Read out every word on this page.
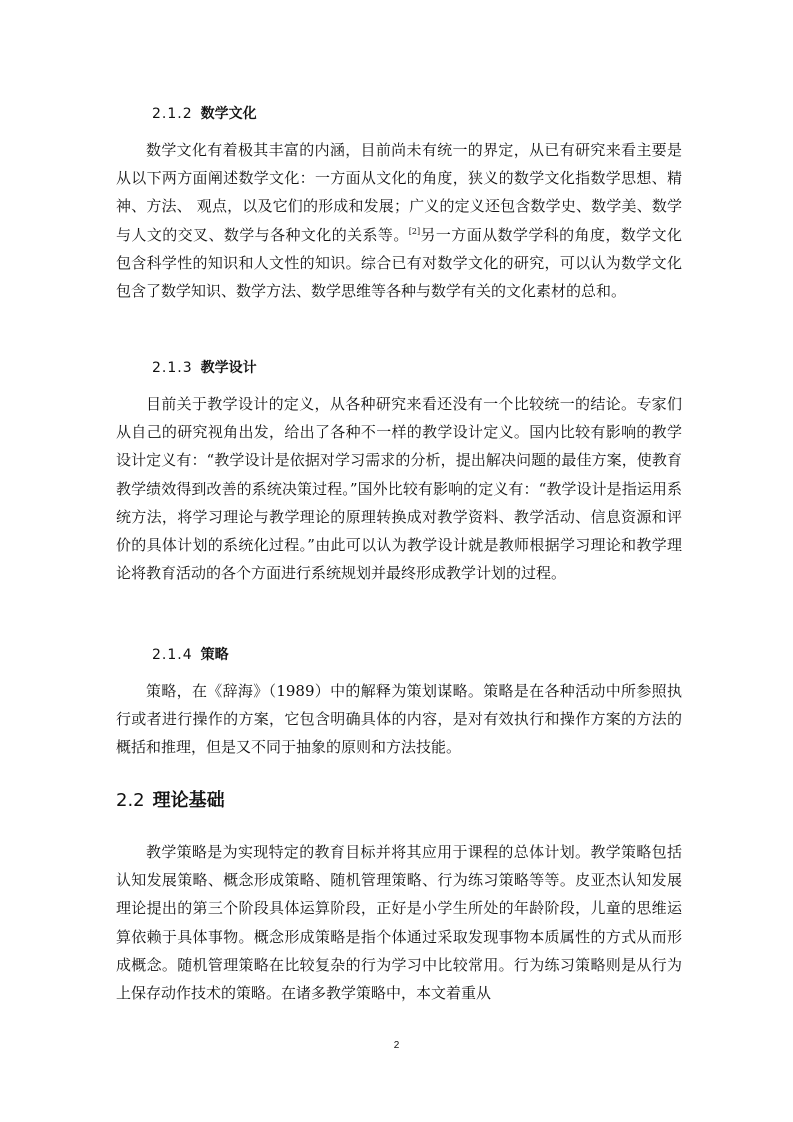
2.1.2 数学文化

数学文化有着极其丰富的内涵，目前尚未有统一的界定，从已有研究来看主要是从以下两方面阐述数学文化：一方面从文化的角度，狭义的数学文化指数学思想、精神、方法、 观点，以及它们的形成和发展；广义的定义还包含数学史、数学美、数学与人文的交叉、数学与各种文化的关系等。[2]另一方面从数学学科的角度，数学文化包含科学性的知识和人文性的知识。综合已有对数学文化的研究，可以认为数学文化包含了数学知识、数学方法、数学思维等各种与数学有关的文化素材的总和。

2.1.3 教学设计

目前关于教学设计的定义，从各种研究来看还没有一个比较统一的结论。专家们从自己的研究视角出发，给出了各种不一样的教学设计定义。国内比较有影响的教学设计定义有：“教学设计是依据对学习需求的分析，提出解决问题的最佳方案，使教育教学绩效得到改善的系统决策过程。”国外比较有影响的定义有：“教学设计是指运用系统方法，将学习理论与教学理论的原理转换成对教学资料、教学活动、信息资源和评价的具体计划的系统化过程。”由此可以认为教学设计就是教师根据学习理论和教学理论将教育活动的各个方面进行系统规划并最终形成教学计划的过程。

2.1.4 策略

策略，在《辞海》（1989）中的解释为策划谋略。策略是在各种活动中所参照执行或者进行操作的方案，它包含明确具体的内容，是对有效执行和操作方案的方法的概括和推理，但是又不同于抽象的原则和方法技能。

2.2 理论基础

教学策略是为实现特定的教育目标并将其应用于课程的总体计划。教学策略包括认知发展策略、概念形成策略、随机管理策略、行为练习策略等等。皮亚杰认知发展理论提出的第三个阶段具体运算阶段，正好是小学生所处的年龄阶段，儿童的思维运算依赖于具体事物。概念形成策略是指个体通过采取发现事物本质属性的方式从而形成概念。随机管理策略在比较复杂的行为学习中比较常用。行为练习策略则是从行为上保存动作技术的策略。在诸多教学策略中，本文着重从

2
